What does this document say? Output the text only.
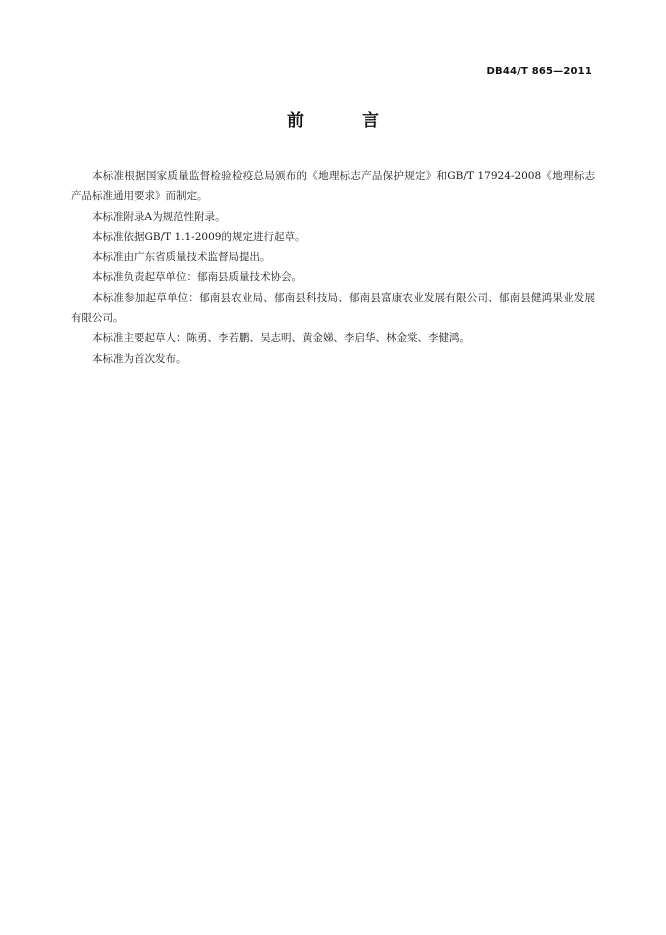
DB44/T 865—2011
前 言

本标准根据国家质量监督检验检疫总局颁布的《地理标志产品保护规定》和GB/T 17924-2008《地理标志产品标准通用要求》而制定。

本标准附录A为规范性附录。

本标准依据GB/T 1.1-2009的规定进行起草。

本标准由广东省质量技术监督局提出。

本标准负责起草单位：郁南县质量技术协会。

本标准参加起草单位：郁南县农业局、郁南县科技局、郁南县富康农业发展有限公司、郁南县健鸿果业发展有限公司。

本标准主要起草人：陈勇、李若鹏、吴志明、黄金娣、李启华、林金棠、李健鸿。

本标准为首次发布。
